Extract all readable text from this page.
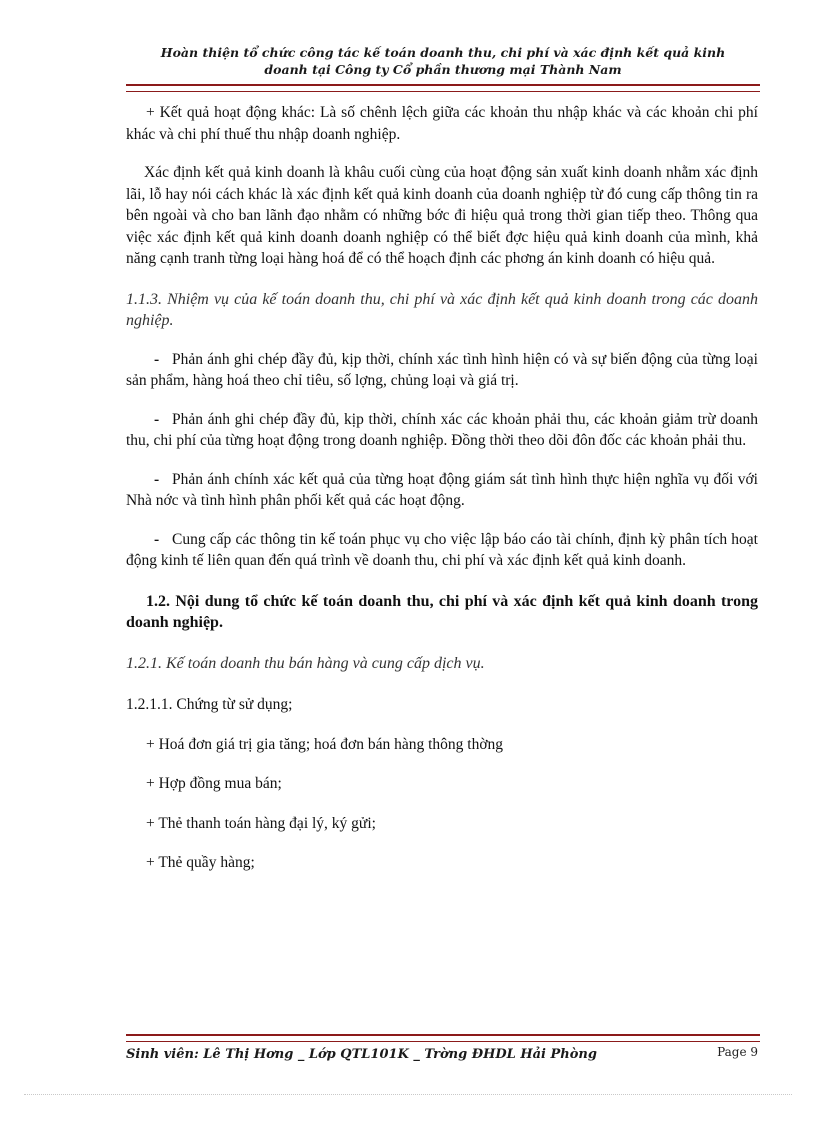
Hoàn thiện tổ chức công tác kế toán doanh thu, chi phí và xác định kết quả kinh
doanh tại Công ty Cổ phần thương mại Thành Nam

+ Kết quả hoạt động khác: Là số chênh lệch giữa các khoản thu nhập khác và các khoản chi phí khác và chi phí thuế thu nhập doanh nghiệp.

Xác định kết quả kinh doanh là khâu cuối cùng của hoạt động sản xuất kinh doanh nhằm xác định lãi, lỗ hay nói cách khác là xác định kết quả kinh doanh của doanh nghiệp từ đó cung cấp thông tin ra bên ngoài và cho ban lãnh đạo nhằm có những bớc đi hiệu quả trong thời gian tiếp theo. Thông qua việc xác định kết quả kinh doanh doanh nghiệp có thể biết đợc hiệu quả kinh doanh của mình, khả năng cạnh tranh từng loại hàng hoá để có thể hoạch định các phơng án kinh doanh có hiệu quả.

1.1.3. Nhiệm vụ của kế toán doanh thu, chi phí và xác định kết quả kinh doanh trong các doanh nghiệp.

- Phản ánh ghi chép đầy đủ, kịp thời, chính xác tình hình hiện có và sự biến động của từng loại sản phẩm, hàng hoá theo chỉ tiêu, số lợng, chủng loại và giá trị.

- Phản ánh ghi chép đầy đủ, kịp thời, chính xác các khoản phải thu, các khoản giảm trừ doanh thu, chi phí của từng hoạt động trong doanh nghiệp. Đồng thời theo dõi đôn đốc các khoản phải thu.

- Phản ánh chính xác kết quả của từng hoạt động giám sát tình hình thực hiện nghĩa vụ đối với Nhà nớc và tình hình phân phối kết quả các hoạt động.

- Cung cấp các thông tin kế toán phục vụ cho việc lập báo cáo tài chính, định kỳ phân tích hoạt động kinh tế liên quan đến quá trình về doanh thu, chi phí và xác định kết quả kinh doanh.

1.2. Nội dung tổ chức kế toán doanh thu, chi phí và xác định kết quả kinh doanh trong doanh nghiệp.

1.2.1. Kế toán doanh thu bán hàng và cung cấp dịch vụ.

1.2.1.1. Chứng từ sử dụng;

+ Hoá đơn giá trị gia tăng; hoá đơn bán hàng thông thờng

+ Hợp đồng mua bán;

+ Thẻ thanh toán hàng đại lý, ký gửi;

+ Thẻ quầy hàng;

Sinh viên: Lê Thị Hơng _ Lớp QTL101K _ Trờng ĐHDL Hải Phòng	Page 9
